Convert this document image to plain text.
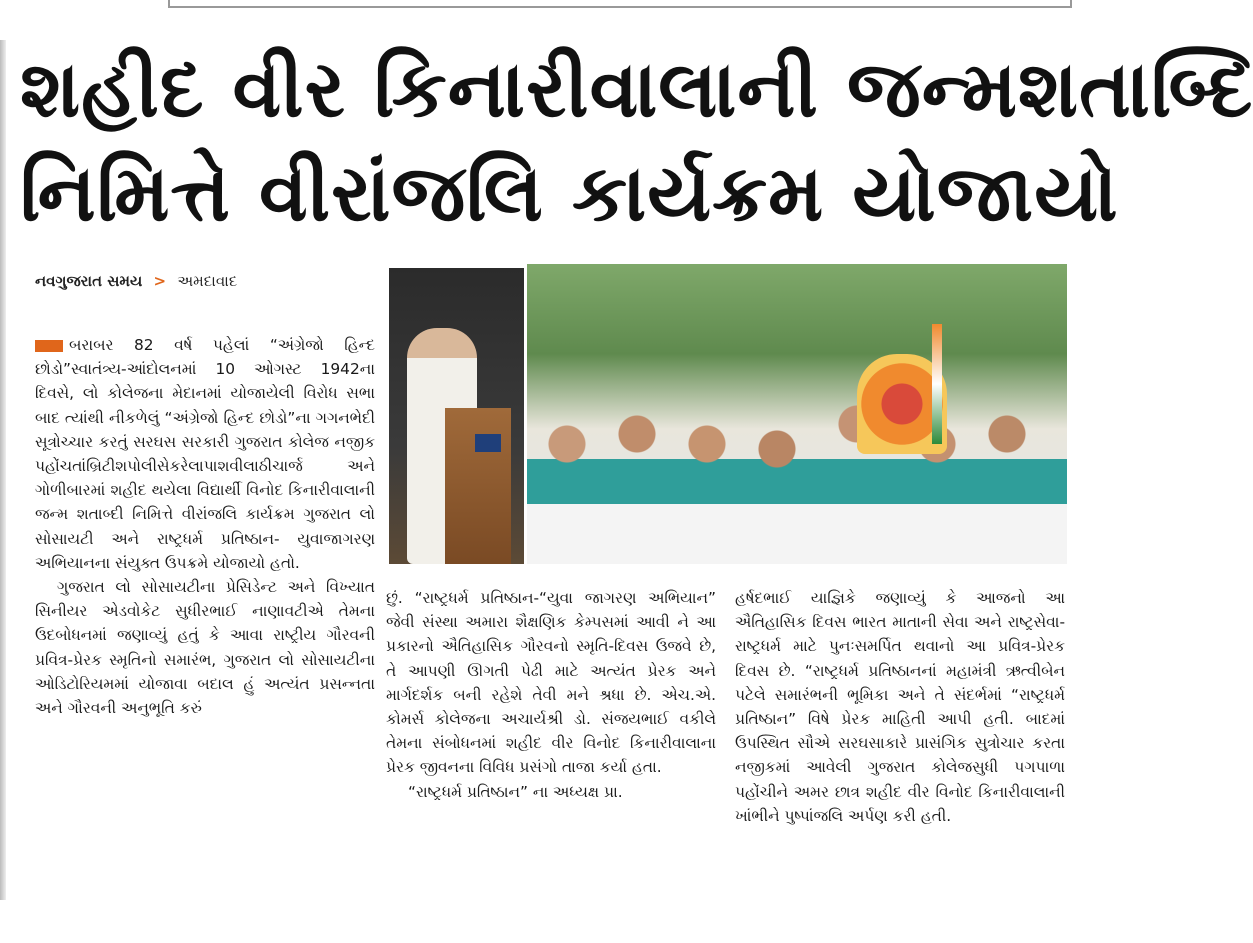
શહીદ વીર કિનારીવાલાની જન્મશતાબ્દિ
નિમિત્તે વીરાંજલિ કાર્યક્રમ યોજાયો
નવગુજરાત સમય > અમદાવાદ

બરાબર 82 વર્ષ પહેલાં “અંગ્રેજો હિન્દ છોડો”સ્વાતંત્ર્ય-આંદોલનમાં 10 ઓગસ્ટ 1942ના દિવસે, લો કોલેજના મેદાનમાં યોજાયેલી વિરોધ સભા બાદ ત્યાંથી નીકળેલું “અંગ્રેજો હિન્દ છોડો”ના ગગનભેદી સૂત્રોચ્ચાર કરતું સરઘસ સરકારી ગુજરાત કોલેજ નજીક પહોંચતાંબ્રિટીશપોલીસેકરેલાપાશવીલાઠીચાર્જ અને ગોળીબારમાં શહીદ થયેલા વિદ્યાર્થી વિનોદ કિનારીવાલાની જન્મ શતાબ્દી નિમિત્તે વીરાંજલિ કાર્યક્રમ ગુજરાત લો સોસાયટી અને રાષ્ટ્રધર્મ પ્રતિષ્ઠાન- યુવાજાગરણ અભિયાનના સંયુક્ત ઉપક્રમે યોજાયો હતો.

ગુજરાત લો સોસાયટીના પ્રેસિડેન્ટ અને વિખ્યાત સિનીયર એડવોકેટ સુધીરભાઈ નાણાવટીએ તેમના ઉદબોધનમાં જણાવ્યું હતું કે આવા રાષ્ટ્રીય ગૌરવની પ્રવિત્ર-પ્રેરક સ્મૃતિનો સમારંભ, ગુજરાત લો સોસાયટીના ઓડિટોરિયમમાં યોજાવા બદાલ હું અત્યંત પ્રસન્નતા અને ગૌરવની અનુભૂતિ કરું

છું. “રાષ્ટ્રધર્મ પ્રતિષ્ઠાન-“યુવા જાગરણ અભિયાન” જેવી સંસ્થા અમારા શૈક્ષણિક કેમ્પસમાં આવી ને આ પ્રકારનો ઐતિહાસિક ગૌરવનો સ્મૃતિ-દિવસ ઉજવે છે, તે આપણી ઊગતી પેઢી માટે અત્યંત પ્રેરક અને માર્ગદર્શક બની રહેશે તેવી મને શ્રધા છે. એચ.એ. કોમર્સ કોલેજના અચાર્યશ્રી ડો. સંજયભાઈ વકીલે તેમના સંબોધનમાં શહીદ વીર વિનોદ કિનારીવાલાના પ્રેરક જીવનના વિવિધ પ્રસંગો તાજા કર્યા હતા.

“રાષ્ટ્રધર્મ પ્રતિષ્ઠાન” ના અધ્યક્ષ પ્રા.

હર્ષદભાઈ યાજ્ઞિકે જણાવ્યું કે આજનો આ ઐતિહાસિક દિવસ ભારત માતાની સેવા અને રાષ્ટ્રસેવા-રાષ્ટ્રધર્મ માટે પુનઃસમર્પિત થવાનો આ પ્રવિત્ર-પ્રેરક દિવસ છે. “રાષ્ટ્રધર્મ પ્રતિષ્ઠાનનાં મહામંત્રી ઋત્વીબેન પટેલે સમારંભની ભૂમિકા અને તે સંદર્ભમાં “રાષ્ટ્રધર્મ પ્રતિષ્ઠાન” વિષે પ્રેરક માહિતી આપી હતી. બાદમાં ઉપસ્થિત સૌએ સરઘસાકારે પ્રાસંગિક સુત્રોચાર કરતા નજીકમાં આવેલી ગુજરાત કોલેજસુધી પગપાળા પહોંચીને અમર છાત્ર શહીદ વીર વિનોદ કિનારીવાલાની ખાંભીને પુષ્પાંજલિ અર્પણ કરી હતી.
